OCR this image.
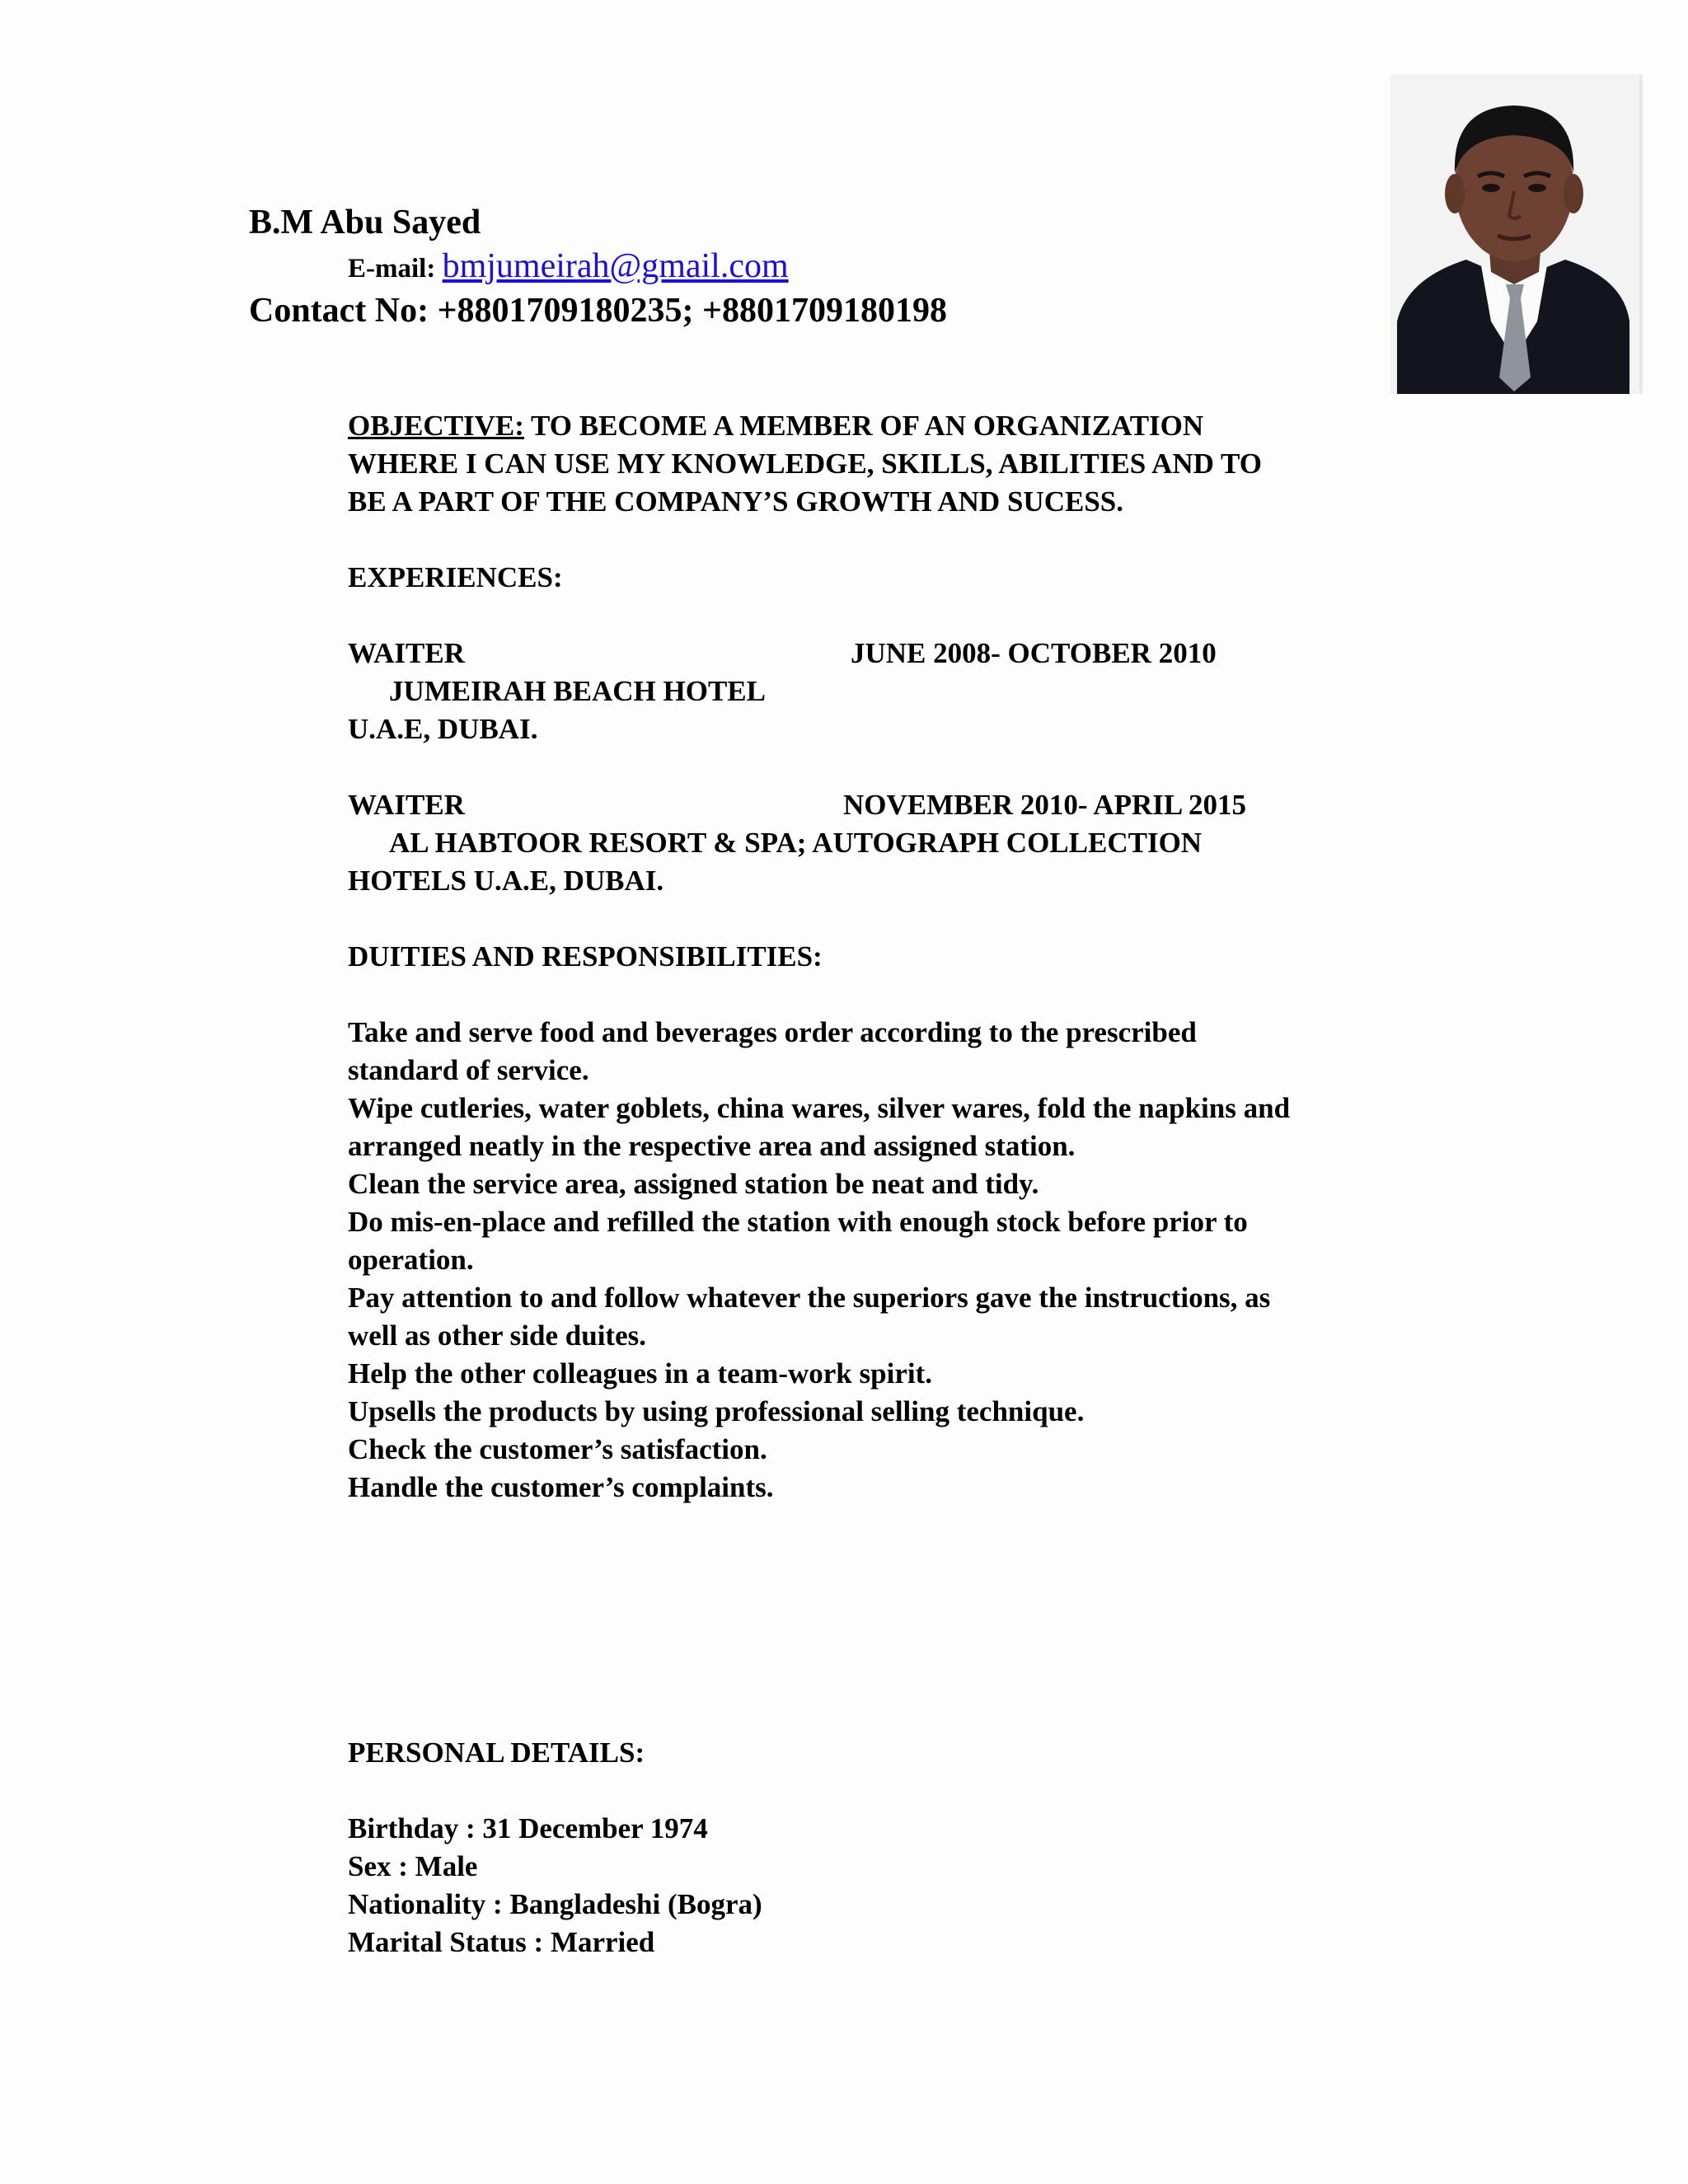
B.M Abu Sayed
E-mail: bmjumeirah@gmail.com
Contact No: +8801709180235; +8801709180198
OBJECTIVE: TO BECOME A MEMBER OF AN ORGANIZATION
WHERE I CAN USE MY KNOWLEDGE, SKILLS, ABILITIES AND TO
BE A PART OF THE COMPANY’S GROWTH AND SUCESS.
EXPERIENCES:
WAITER	JUNE 2008- OCTOBER 2010
JUMEIRAH BEACH HOTEL
U.A.E, DUBAI.
WAITER	NOVEMBER 2010- APRIL 2015
AL HABTOOR RESORT & SPA; AUTOGRAPH COLLECTION
HOTELS U.A.E, DUBAI.
DUITIES AND RESPONSIBILITIES:
Take and serve food and beverages order according to the prescribed
standard of service.
Wipe cutleries, water goblets, china wares, silver wares, fold the napkins and
arranged neatly in the respective area and assigned station.
Clean the service area, assigned station be neat and tidy.
Do mis-en-place and refilled the station with enough stock before prior to
operation.
Pay attention to and follow whatever the superiors gave the instructions, as
well as other side duites.
Help the other colleagues in a team-work spirit.
Upsells the products by using professional selling technique.
Check the customer’s satisfaction.
Handle the customer’s complaints.
PERSONAL DETAILS:
Birthday : 31 December 1974
Sex : Male
Nationality : Bangladeshi (Bogra)
Marital Status : Married
